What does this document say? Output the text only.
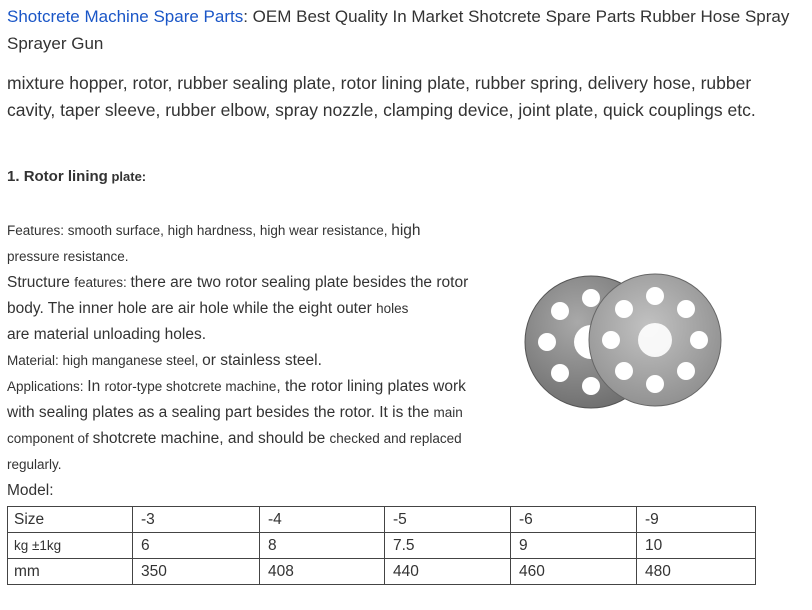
Shotcrete Machine Spare Parts: OEM Best Quality In Market Shotcrete Spare Parts Rubber Hose Spray Sprayer Gun
mixture hopper, rotor, rubber sealing plate, rotor lining plate, rubber spring, delivery hose, rubber cavity, taper sleeve, rubber elbow, spray nozzle, clamping device, joint plate, quick couplings etc.
1. Rotor lining plate:

Features: smooth surface, high hardness, high wear resistance, high
pressure resistance.

Structure features: there are two rotor sealing plate besides the rotor body. The inner hole are air hole while the eight outer holes
are material unloading holes.

Material: high manganese steel, or stainless steel.

Applications: In rotor-type shotcrete machine, the rotor lining plates work with sealing plates as a sealing part besides the rotor. It is the main component of shotcrete machine, and should be checked and replaced regularly.

Model:
Size	-3	-4	-5	-6	-9
kg ±1kg	6	8	7.5	9	10
mm	350	408	440	460	480
